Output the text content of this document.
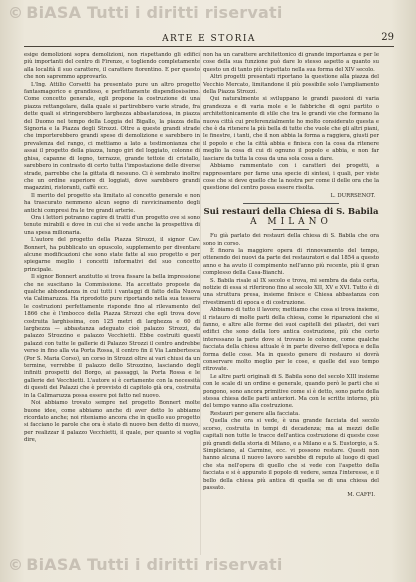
© BiASA Tutti i diritti riservati
ARTE E STORIA	29

esige demolizioni sopra demolizioni, non rispettando gli edifici più importanti del centro di Firenze, e togliendo completamente alla località il suo carattere, il carattere fiorentino. E per questo che non sapremmo approvarlo.

L'Ing. Attilio Corsetti ha presentato pure un altro progetto fantasmagorico e grandioso, e perfettamente dispendiosissimo. Come concetto generale, egli propone la costruzione di una piazza rettangolare, dalla quale si partirebbero varie strade, fra dette quali si stringerebbero larghezza abbastanziosa, in piazza del Duomo nel tempo della Loggia del Bigallo, la piazza della Signoria e la Piazza degli Strozzi. Oltre a queste grandi strade che importerebbero grandi spese di demolizione e sarebbero in prevalenza del rango, ci mettiamo a lato a testimonianza che assai il progetto della piazza, lungo giri del loggiato, colonne di ghisa, capanne di legno, terrazze, grande tettoie di cristallo, sarebbero in contrasto di certo tutta l'impostazione delle diverse strade, parrebbe che la gittata di nessuno. Ci è sembrato inoltre che un ordine superiore di loggiati, dove sarebbero grandi magazzini, ristoranti, caffè ecc.

Il merito del progetto sta limitato al concetto generale e non ha trascurato nemmeno alcun segno di ravvicinamento degli antichi compresi fra le tre grandi arterie.

Ora i lettori potranno capire di tratti d'un progetto ove si sono tenute mirabili e dove in cui che si vede anche la prospettiva di una spesa milionaria.

L'autore del progetto della Piazza Strozzi, il signor Cav. Bonnert, ha pubblicato un opuscolo, supplemento per diventare alcune modificazioni che sono state fatte al suo progetto e per spiegarne meglio i concetti informativi del suo concetto principale.

Il signor Bonnert anzitutto si trova fissare la bella impressione che ne suscitano la Commissione. Ha accettato proposte da qualche abbondanza in cui tutti i vantaggi di fatto della Nuova via Calimaruzza. Ha riprodotto pure riportando nella sua tessera le costruzioni perfettamente risponde fino al rilevamento del 1866 che è l'imbocco della Piazza Strozzi che egli trova dove costruita larghissima, con 125 metri di larghezza e 60 di larghezza — abbastanza adeguato cioè palazzo Strozzi, da palazzo Strozzino e palazzo Vecchietti. Ebbe costruiti questi palazzi con tutte le gallerie di Palazzo Strozzi il centro andrebbe verso in fino alla via Porta Rossa, il centro fin il Via Lambertesca (Por S. Maria Corso), un corso in Strozzi oltre ai vari chiusi da un termine, verrebbe il palazzo dello Strozzino, lasciando degli infiniti prospetti del Borgo, ai passaggi, la Porta Rossa e le gallerie dei Vecchietti. L'autore si è certamente con la necessità di questi dei Palazzi che è provvisto di capitolo già ora, costruita in la Calimaruzza possa essere poi fatto nel nuovo.

Noi abbiamo trovato sempre nel progetto Bonnert molte buone idee, come abbiamo anche di aver detto lo abbiamo ricordato anche; noi riteniamo ancora che in quello suo progetto si facciano le parole che ora è stato di nuovo ben detto di nuovo, per realizzar il palazzo Vecchietti, il quale, per quanto si voglia dire,

non ha un carattere architettonico di grande importanza e per le cose della sua funzione può dare lo stesso aspetto a quanto su questo un di tanto più rispettato nella sua forma del XIV secolo.

Altri progetti presentati riportano la questione alla piazza del Vecchio Mercato, limitandone il più possibile solo l'ampliamento della Piazza Strozzi.

Qui naturalmente si sviluppano le grandi passioni di varia grandezza e di varia mole e le fabbriche di ogni partito o architettonicamente di stile che tra le grandi vie che formano la nuova città cui preferenzialmente ho molto considerato questa e che è da ritenere la più bella di tutte che vuole che gli altri piani, le finestre, i tanti, che il non abbia la forma a raggiera, giusti per il popolo e che la città abbia e finisca con la cosa da ritenere meglio la cosa di cui di ognuno il popolo e abbia, e non far lasciare da tutta la cosa da una sola cosa a dare.

Abbiamo rammentato con i caratteri dei progetti, a rappresentare per farne una specie di sintesi, i quali, per viste cose che si deve quello che la nostra per come il delle ora che la questione del centro possa essere risolta.

L. DURRSENOT.
Sui restauri della Chiesa di S. Babila
A MILANO

Fu già parlato dei restauri della chiesa di S. Babila che ora sono in corso.

È finora la maggiore opera di rinnovamento del tempo, ottenendo dei nuovi da parte dei restauratori e dal 1854 a questo anno e ha avuto il compimento nell'anno più recente, più il gran complesso della Casa-Bianchi.

S. Babila risale al IX secolo e trova, mi sembra da data certa, notizie di essa si riferirono fino al secolo XII, XV e XVI. Tutto è di una struttura presa, insieme finisce e Chiesa abbastanza con rivestimenti di epoca e di costruzione.

Abbiamo di tutto il lavoro; mettiamo che cosa si trova insieme, il ristauro di molte parti della chiesa, come le riparazioni che si fanno, e altre alle forme dei suoi capitelli dei pilastri, dei vari edifici che sono della loro antica costruzione, più che certo interessano la parte dove si trovano le colonne, come qualche facciata della chiesa attuale è in parte diverso dell'epoca e della forma delle cose. Ma in questo genere di restauro si dovrà conservare molto meglio per le cose, e quelle del suo tempo ritrovate.

Le altre parti originali di S. Babila sono del secolo XIII insieme con le scale di un ordine e generale, quando però le parti che si pongono, sono ancora primitive come si è detto, sono parte della stessa chiesa delle parti anteriori. Ma con le scritte intorno, più del tempo vanno alla costruzione.

Restauri per genere alla facciata.

Quella che ora si vede, è una grande facciata del secolo scorso, costruita in tempi di decadenza; ma ai mezzi delle capitali non tutte le tracce dell'antica costruzione di queste cose più grandi della storia di Milano, e a Milano e a S. Eustorgio, a S. Simpliciano, al Carmine, ecc. vi possono restare. Questi non hanno alcuna il nuovo lavoro sarebbe di reputo al luogo di quel che sta nell'opera di quello che si vede con l'aspetto della facciata e si è appurato il popolo di vedere, senza l'interesse, e il bello della chiesa più antica di quella se di una chiesa del passato.

M. CAFFI.
© BiASA Tutti i diritti riservati
